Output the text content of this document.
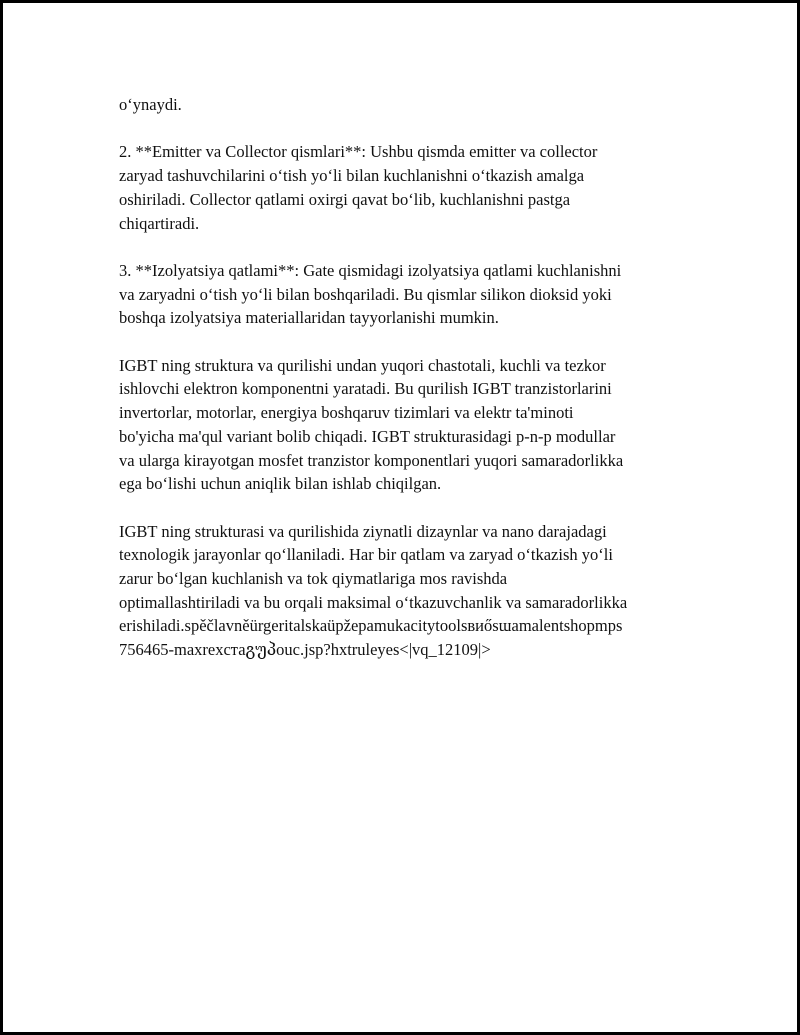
o‘ynaydi.

2. **Emitter va Collector qismlari**: Ushbu qismda emitter va collector
zaryad tashuvchilarini o‘tish yo‘li bilan kuchlanishni o‘tkazish amalga
oshiriladi. Collector qatlami oxirgi qavat bo‘lib, kuchlanishni pastga
chiqartiradi.

3. **Izolyatsiya qatlami**: Gate qismidagi izolyatsiya qatlami kuchlanishni
va zaryadni o‘tish yo‘li bilan boshqariladi. Bu qismlar silikon dioksid yoki
boshqa izolyatsiya materiallaridan tayyorlanishi mumkin.

IGBT ning struktura va qurilishi undan yuqori chastotali, kuchli va tezkor
ishlovchi elektron komponentni yaratadi. Bu qurilish IGBT tranzistorlarini
invertorlar, motorlar, energiya boshqaruv tizimlari va elektr ta'minoti
bo'yicha ma'qul variant bolib chiqadi. IGBT strukturasidagi p-n-p modullar
va ularga kirayotgan mosfet tranzistor komponentlari yuqori samaradorlikka
ega bo‘lishi uchun aniqlik bilan ishlab chiqilgan.

IGBT ning strukturasi va qurilishida ziynatli dizaynlar va nano darajadagi
texnologik jarayonlar qo‘llaniladi. Har bir qatlam va zaryad o‘tkazish yo‘li
zarur bo‘lgan kuchlanish va tok qiymatlariga mos ravishda
optimallashtiriladi va bu orqali maksimal o‘tkazuvchanlik va samaradorlikka
erishiladi.spěčlavněürgeritalskaüpžepamukacitytoolsвиősɯamalentshopmps
756465-maxrexстаგუპouc.jsp?hxtruleyes<|vq_12109|>
